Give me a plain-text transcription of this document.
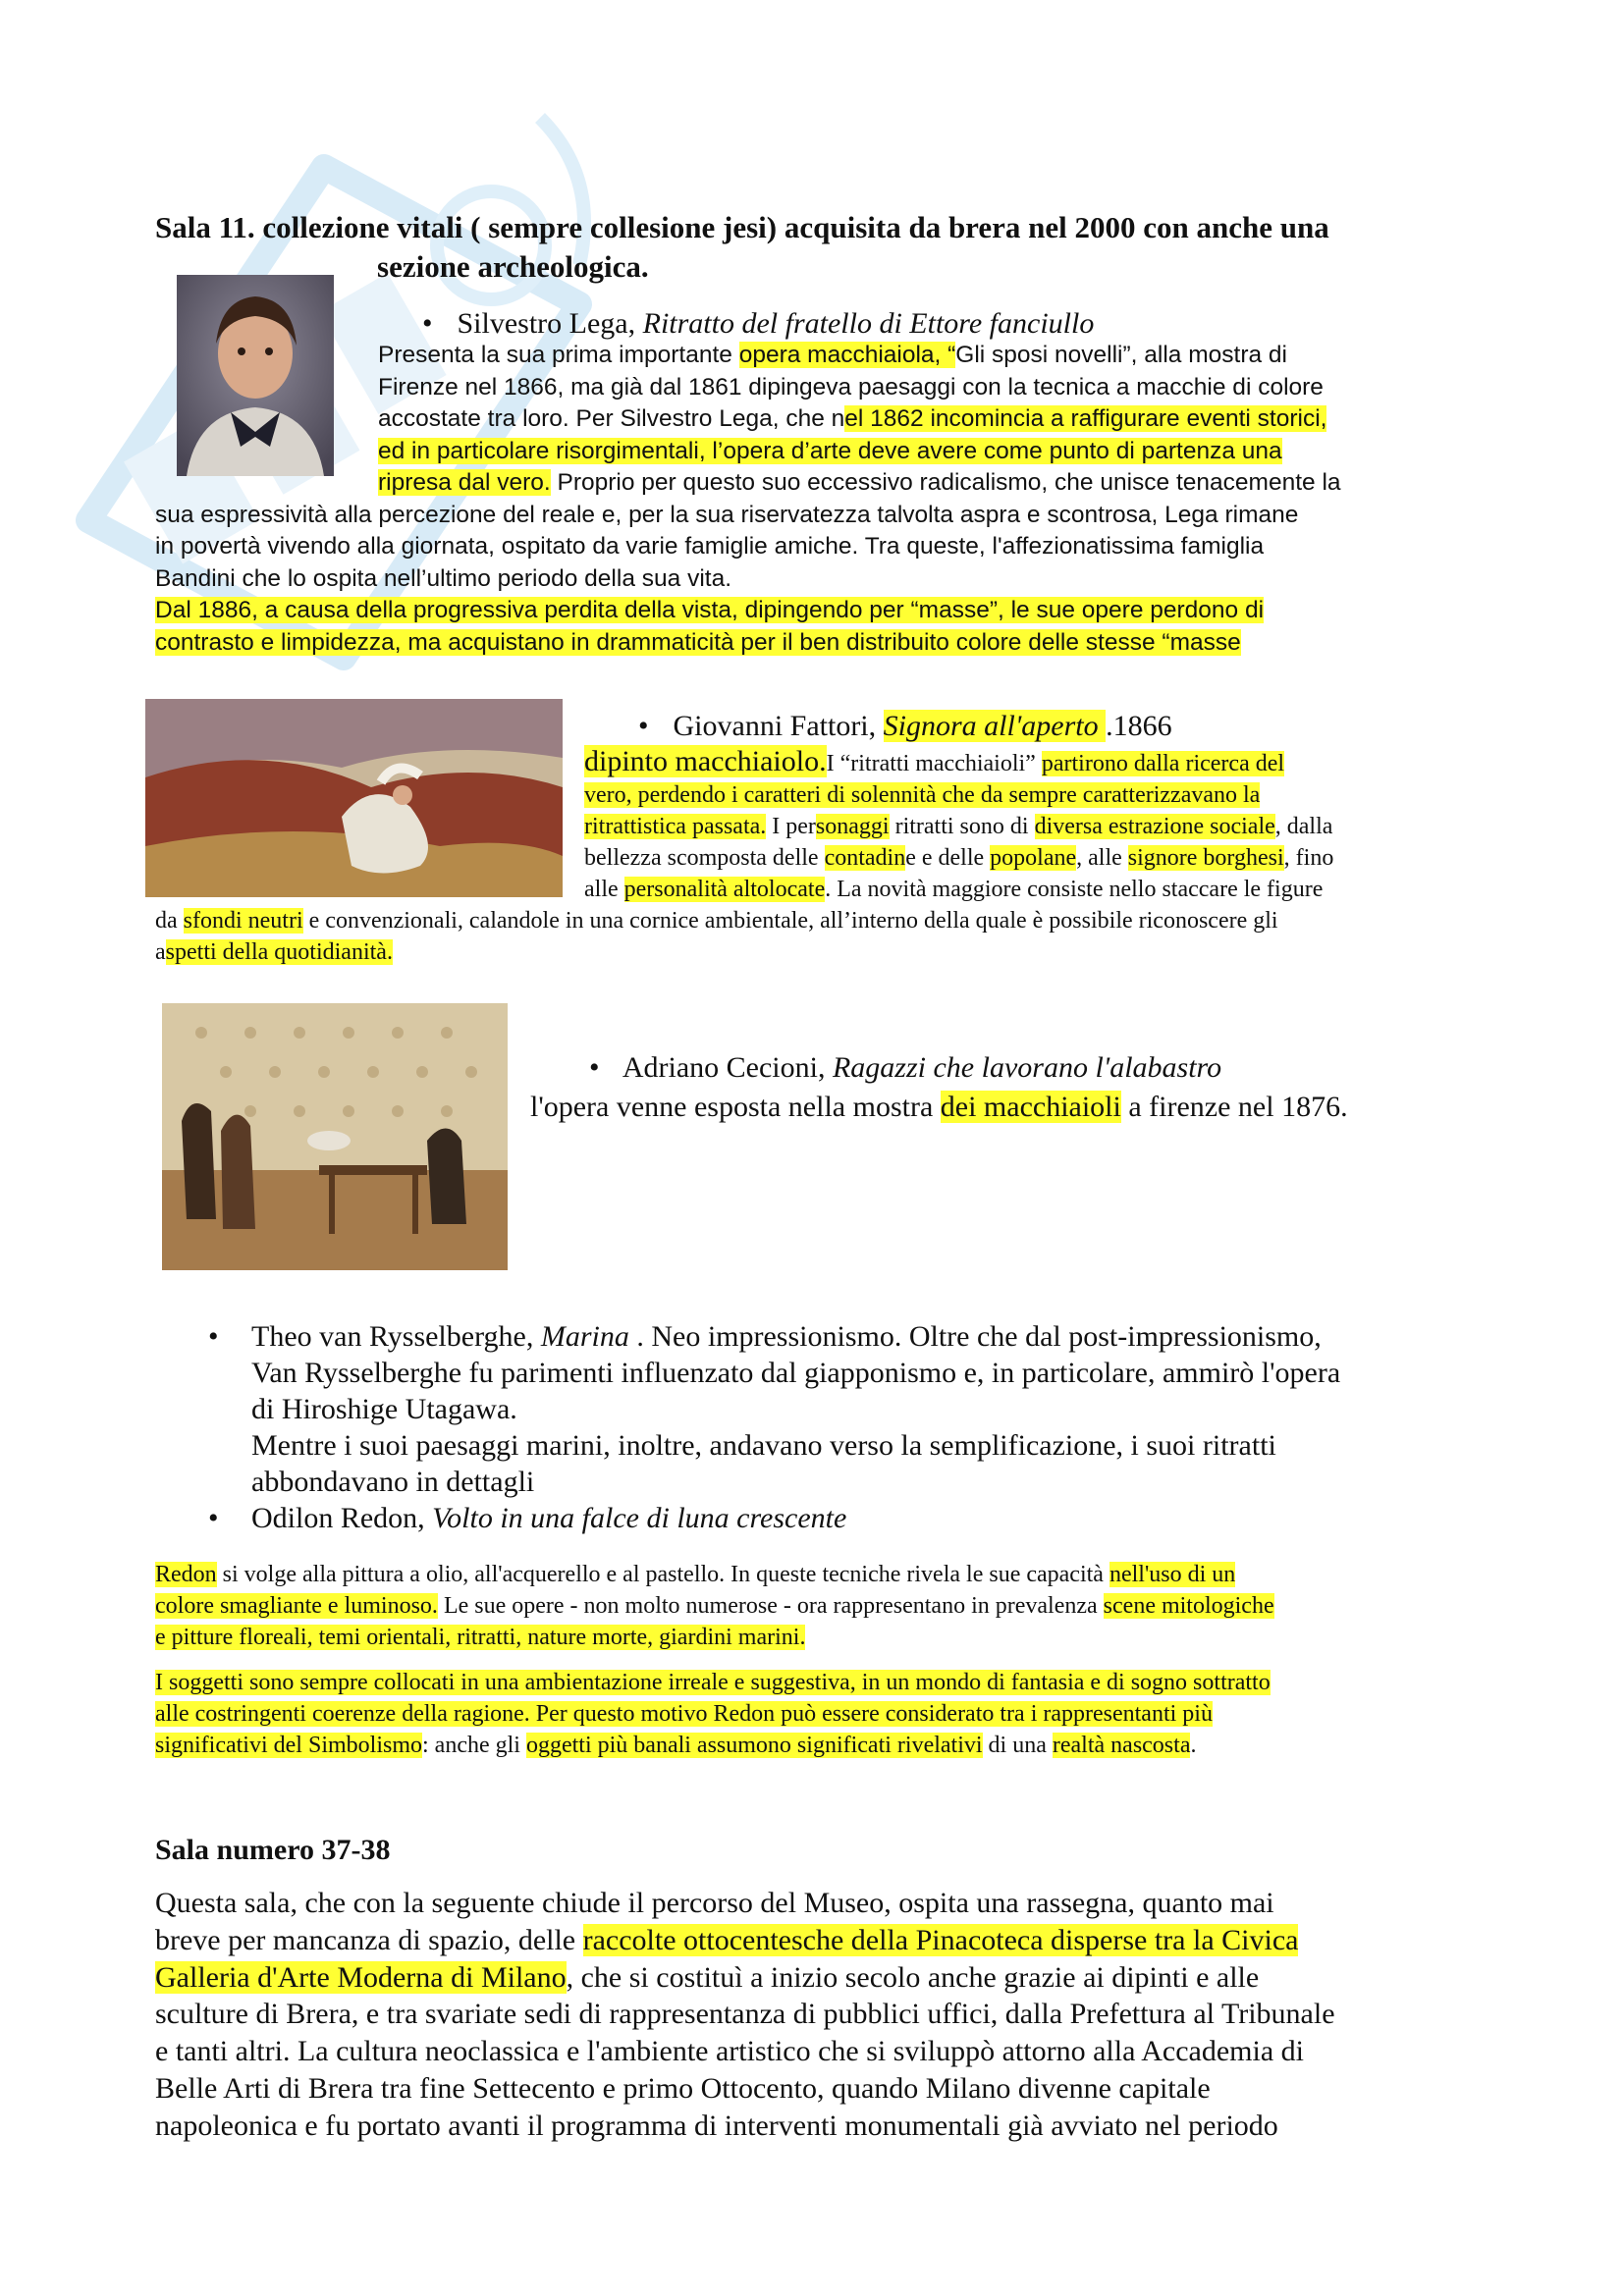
Sala 11. collezione vitali ( sempre collesione jesi) acquisita da brera nel 2000 con anche una
sezione archeologica.
• Silvestro Lega, Ritratto del fratello di Ettore fanciullo
Presenta la sua prima importante opera macchiaiola, “Gli sposi novelli”, alla mostra di
Firenze nel 1866, ma già dal 1861 dipingeva paesaggi con la tecnica a macchie di colore
accostate tra loro. Per Silvestro Lega, che nel 1862 incomincia a raffigurare eventi storici,
ed in particolare risorgimentali, l’opera d’arte deve avere come punto di partenza una
ripresa dal vero. Proprio per questo suo eccessivo radicalismo, che unisce tenacemente la
sua espressività alla percezione del reale e, per la sua riservatezza talvolta aspra e scontrosa, Lega rimane
in povertà vivendo alla giornata, ospitato da varie famiglie amiche. Tra queste, l'affezionatissima famiglia
Bandini che lo ospita nell’ultimo periodo della sua vita.
Dal 1886, a causa della progressiva perdita della vista, dipingendo per “masse”, le sue opere perdono di
contrasto e limpidezza, ma acquistano in drammaticità per il ben distribuito colore delle stesse “masse
• Giovanni Fattori, Signora all'aperto .1866
dipinto macchiaiolo.I “ritratti macchiaioli” partirono dalla ricerca del
vero, perdendo i caratteri di solennità che da sempre caratterizzavano la
ritrattistica passata. I personaggi ritratti sono di diversa estrazione sociale, dalla
bellezza scomposta delle contadine e delle popolane, alle signore borghesi, fino
alle personalità altolocate. La novità maggiore consiste nello staccare le figure
da sfondi neutri e convenzionali, calandole in una cornice ambientale, all’interno della quale è possibile riconoscere gli
aspetti della quotidianità.
• Adriano Cecioni, Ragazzi che lavorano l'alabastro
l'opera venne esposta nella mostra dei macchiaioli a firenze nel 1876.
• Theo van Rysselberghe, Marina . Neo impressionismo. Oltre che dal post-impressionismo,
Van Rysselberghe fu parimenti influenzato dal giapponismo e, in particolare, ammirò l'opera
di Hiroshige Utagawa.
Mentre i suoi paesaggi marini, inoltre, andavano verso la semplificazione, i suoi ritratti
abbondavano in dettagli
• Odilon Redon, Volto in una falce di luna crescente

Redon si volge alla pittura a olio, all'acquerello e al pastello. In queste tecniche rivela le sue capacità nell'uso di un
colore smagliante e luminoso. Le sue opere - non molto numerose - ora rappresentano in prevalenza scene mitologiche
e pitture floreali, temi orientali, ritratti, nature morte, giardini marini.

I soggetti sono sempre collocati in una ambientazione irreale e suggestiva, in un mondo di fantasia e di sogno sottratto
alle costringenti coerenze della ragione. Per questo motivo Redon può essere considerato tra i rappresentanti più
significativi del Simbolismo: anche gli oggetti più banali assumono significati rivelativi di una realtà nascosta.

Sala numero 37-38
Questa sala, che con la seguente chiude il percorso del Museo, ospita una rassegna, quanto mai
breve per mancanza di spazio, delle raccolte ottocentesche della Pinacoteca disperse tra la Civica
Galleria d'Arte Moderna di Milano, che si costituì a inizio secolo anche grazie ai dipinti e alle
sculture di Brera, e tra svariate sedi di rappresentanza di pubblici uffici, dalla Prefettura al Tribunale
e tanti altri. La cultura neoclassica e l'ambiente artistico che si sviluppò attorno alla Accademia di
Belle Arti di Brera tra fine Settecento e primo Ottocento, quando Milano divenne capitale
napoleonica e fu portato avanti il programma di interventi monumentali già avviato nel periodo
